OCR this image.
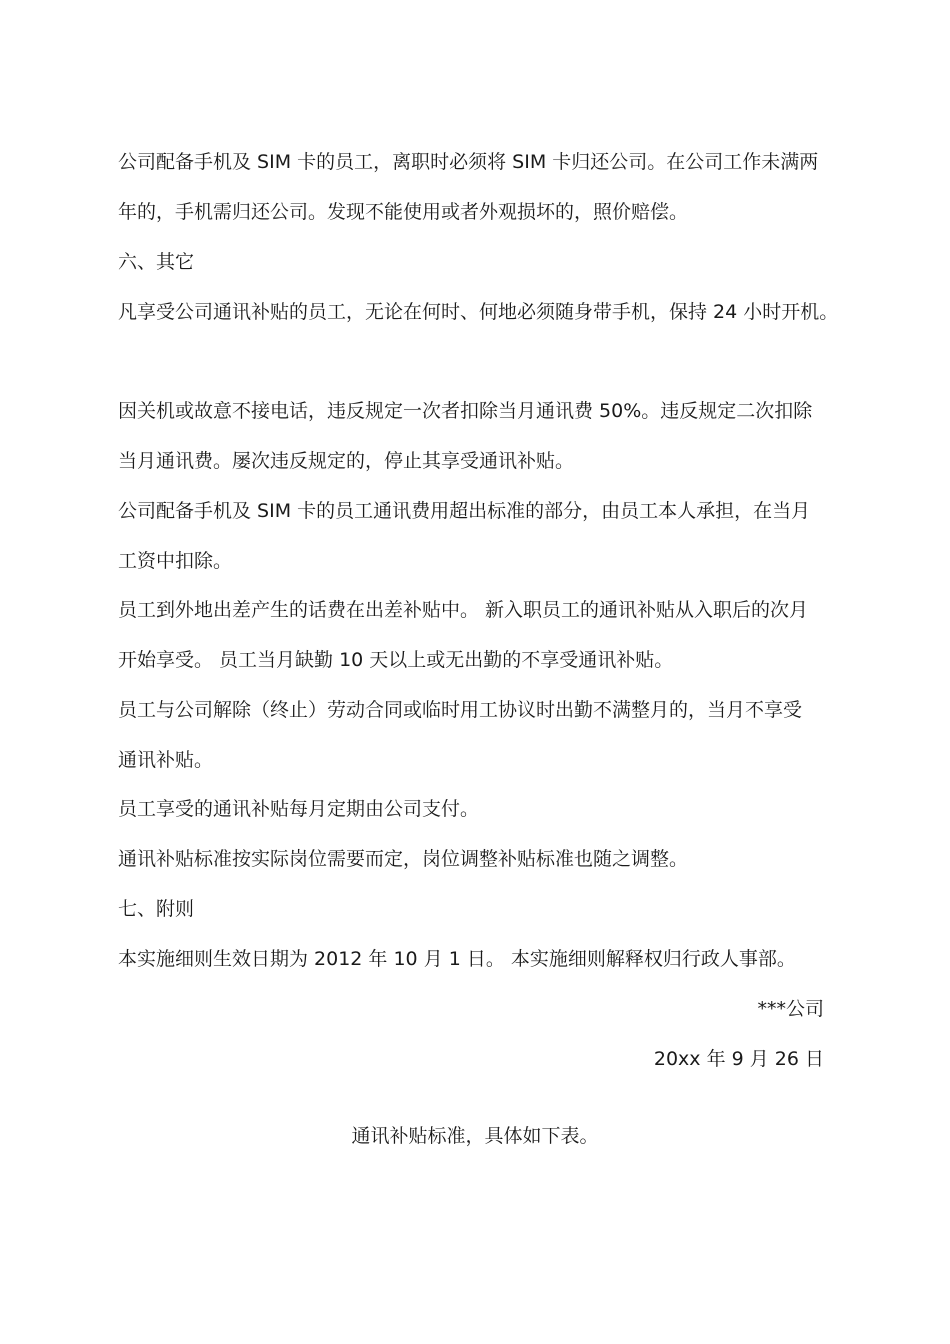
公司配备手机及 SIM 卡的员工，离职时必须将 SIM 卡归还公司。在公司工作未满两
年的，手机需归还公司。发现不能使用或者外观损坏的，照价赔偿。
六、其它
凡享受公司通讯补贴的员工，无论在何时、何地必须随身带手机，保持 24 小时开机。
因关机或故意不接电话，违反规定一次者扣除当月通讯费 50%。违反规定二次扣除
当月通讯费。屡次违反规定的，停止其享受通讯补贴。
公司配备手机及 SIM 卡的员工通讯费用超出标准的部分，由员工本人承担，在当月
工资中扣除。
员工到外地出差产生的话费在出差补贴中。 新入职员工的通讯补贴从入职后的次月
开始享受。 员工当月缺勤 10 天以上或无出勤的不享受通讯补贴。
员工与公司解除（终止）劳动合同或临时用工协议时出勤不满整月的，当月不享受
通讯补贴。
员工享受的通讯补贴每月定期由公司支付。
通讯补贴标准按实际岗位需要而定，岗位调整补贴标准也随之调整。
七、附则
本实施细则生效日期为 2012 年 10 月 1 日。 本实施细则解释权归行政人事部。
***公司
20xx 年 9 月 26 日
通讯补贴标准，具体如下表。
